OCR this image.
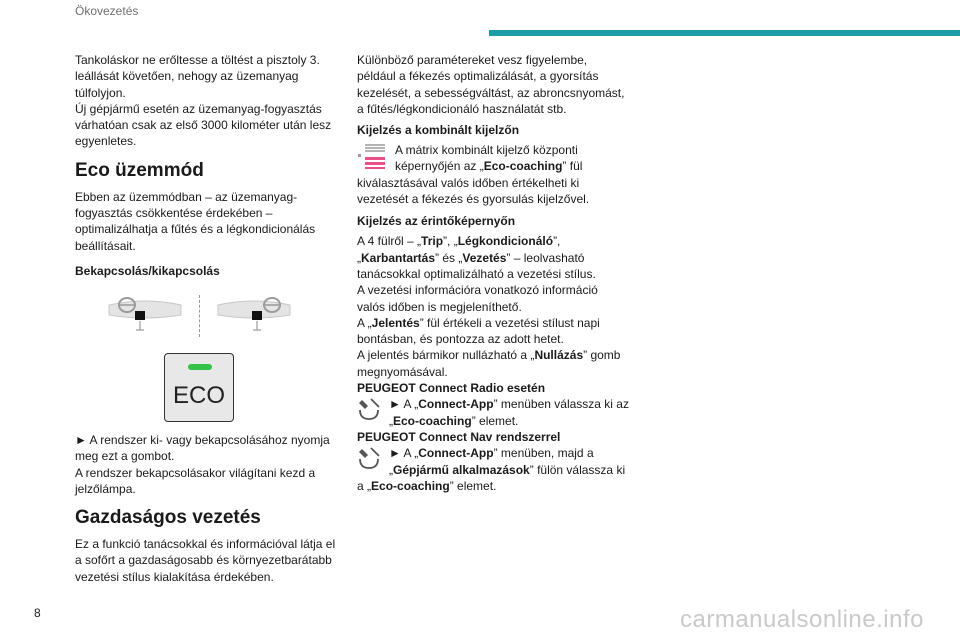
Ökovezetés

Tankoláskor ne erőltesse a töltést a pisztoly 3. leállását követően, nehogy az üzemanyag túlfolyjon.

Új gépjármű esetén az üzemanyag-fogyasztás várhatóan csak az első 3000 kilométer után lesz egyenletes.

Eco üzemmód

Ebben az üzemmódban – az üzemanyag-fogyasztás csökkentése érdekében – optimalizálhatja a fűtés és a légkondicionálás beállításait.

Bekapcsolás/kikapcsolás
ECO

► A rendszer ki- vagy bekapcsolásához nyomja meg ezt a gombot.

A rendszer bekapcsolásakor világítani kezd a jelzőlámpa.

Gazdaságos vezetés

Ez a funkció tanácsokkal és információval látja el a sofőrt a gazdaságosabb és környezetbarátabb vezetési stílus kialakítása érdekében.

Különböző paramétereket vesz figyelembe, például a fékezés optimalizálását, a gyorsítás kezelését, a sebességváltást, az abroncsnyomást, a fűtés/légkondicionáló használatát stb.

Kijelzés a kombinált kijelzőn

A mátrix kombinált kijelző központi képernyőjén az „Eco-coaching” fül kiválasztásával valós időben értékelheti ki vezetését a fékezés és gyorsulás kijelzővel.

Kijelzés az érintőképernyőn

A 4 fülről – „Trip”, „Légkondicionáló”, „Karbantartás” és „Vezetés” – leolvasható tanácsokkal optimalizálható a vezetési stílus.

A vezetési információra vonatkozó információ valós időben is megjeleníthető.

A „Jelentés” fül értékeli a vezetési stílust napi bontásban, és pontozza az adott hetet.

A jelentés bármikor nullázható a „Nullázás” gomb megnyomásával.

PEUGEOT Connect Radio esetén

► A „Connect-App” menüben válassza ki az „Eco-coaching” elemet.

PEUGEOT Connect Nav rendszerrel

► A „Connect-App” menüben, majd a „Gépjármű alkalmazások” fülön válassza ki a „Eco-coaching” elemet.

8	carmanualsonline.info
